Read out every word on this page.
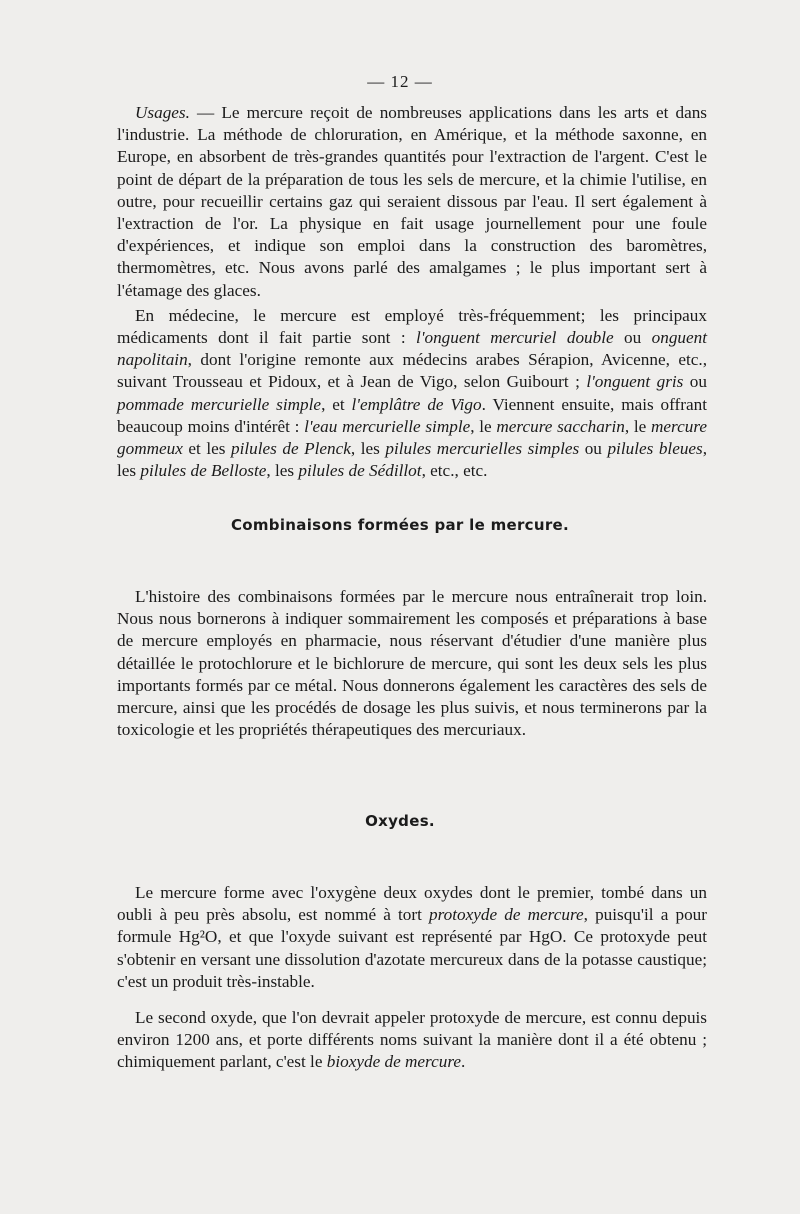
— 12 —

Usages. — Le mercure reçoit de nombreuses applications dans les arts et dans l'industrie. La méthode de chloruration, en Amérique, et la méthode saxonne, en Europe, en absorbent de très-grandes quantités pour l'extraction de l'argent. C'est le point de départ de la préparation de tous les sels de mercure, et la chimie l'utilise, en outre, pour recueillir certains gaz qui seraient dissous par l'eau. Il sert également à l'extraction de l'or. La physique en fait usage journellement pour une foule d'expériences, et indique son emploi dans la construction des baromètres, thermomètres, etc. Nous avons parlé des amalgames ; le plus important sert à l'étamage des glaces.

En médecine, le mercure est employé très-fréquemment; les principaux médicaments dont il fait partie sont : l'onguent mercuriel double ou onguent napolitain, dont l'origine remonte aux médecins arabes Sérapion, Avicenne, etc., suivant Trousseau et Pidoux, et à Jean de Vigo, selon Guibourt ; l'onguent gris ou pommade mercurielle simple, et l'emplâtre de Vigo. Viennent ensuite, mais offrant beaucoup moins d'intérêt : l'eau mercurielle simple, le mercure saccharin, le mercure gommeux et les pilules de Plenck, les pilules mercurielles simples ou pilules bleues, les pilules de Belloste, les pilules de Sédillot, etc., etc.

Combinaisons formées par le mercure.

L'histoire des combinaisons formées par le mercure nous entraînerait trop loin. Nous nous bornerons à indiquer sommairement les composés et préparations à base de mercure employés en pharmacie, nous réservant d'étudier d'une manière plus détaillée le protochlorure et le bichlorure de mercure, qui sont les deux sels les plus importants formés par ce métal. Nous donnerons également les caractères des sels de mercure, ainsi que les procédés de dosage les plus suivis, et nous terminerons par la toxicologie et les propriétés thérapeutiques des mercuriaux.

Oxydes.

Le mercure forme avec l'oxygène deux oxydes dont le premier, tombé dans un oubli à peu près absolu, est nommé à tort protoxyde de mercure, puisqu'il a pour formule Hg²O, et que l'oxyde suivant est représenté par HgO. Ce protoxyde peut s'obtenir en versant une dissolution d'azotate mercureux dans de la potasse caustique; c'est un produit très-instable.

Le second oxyde, que l'on devrait appeler protoxyde de mercure, est connu depuis environ 1200 ans, et porte différents noms suivant la manière dont il a été obtenu ; chimiquement parlant, c'est le bioxyde de mercure.
